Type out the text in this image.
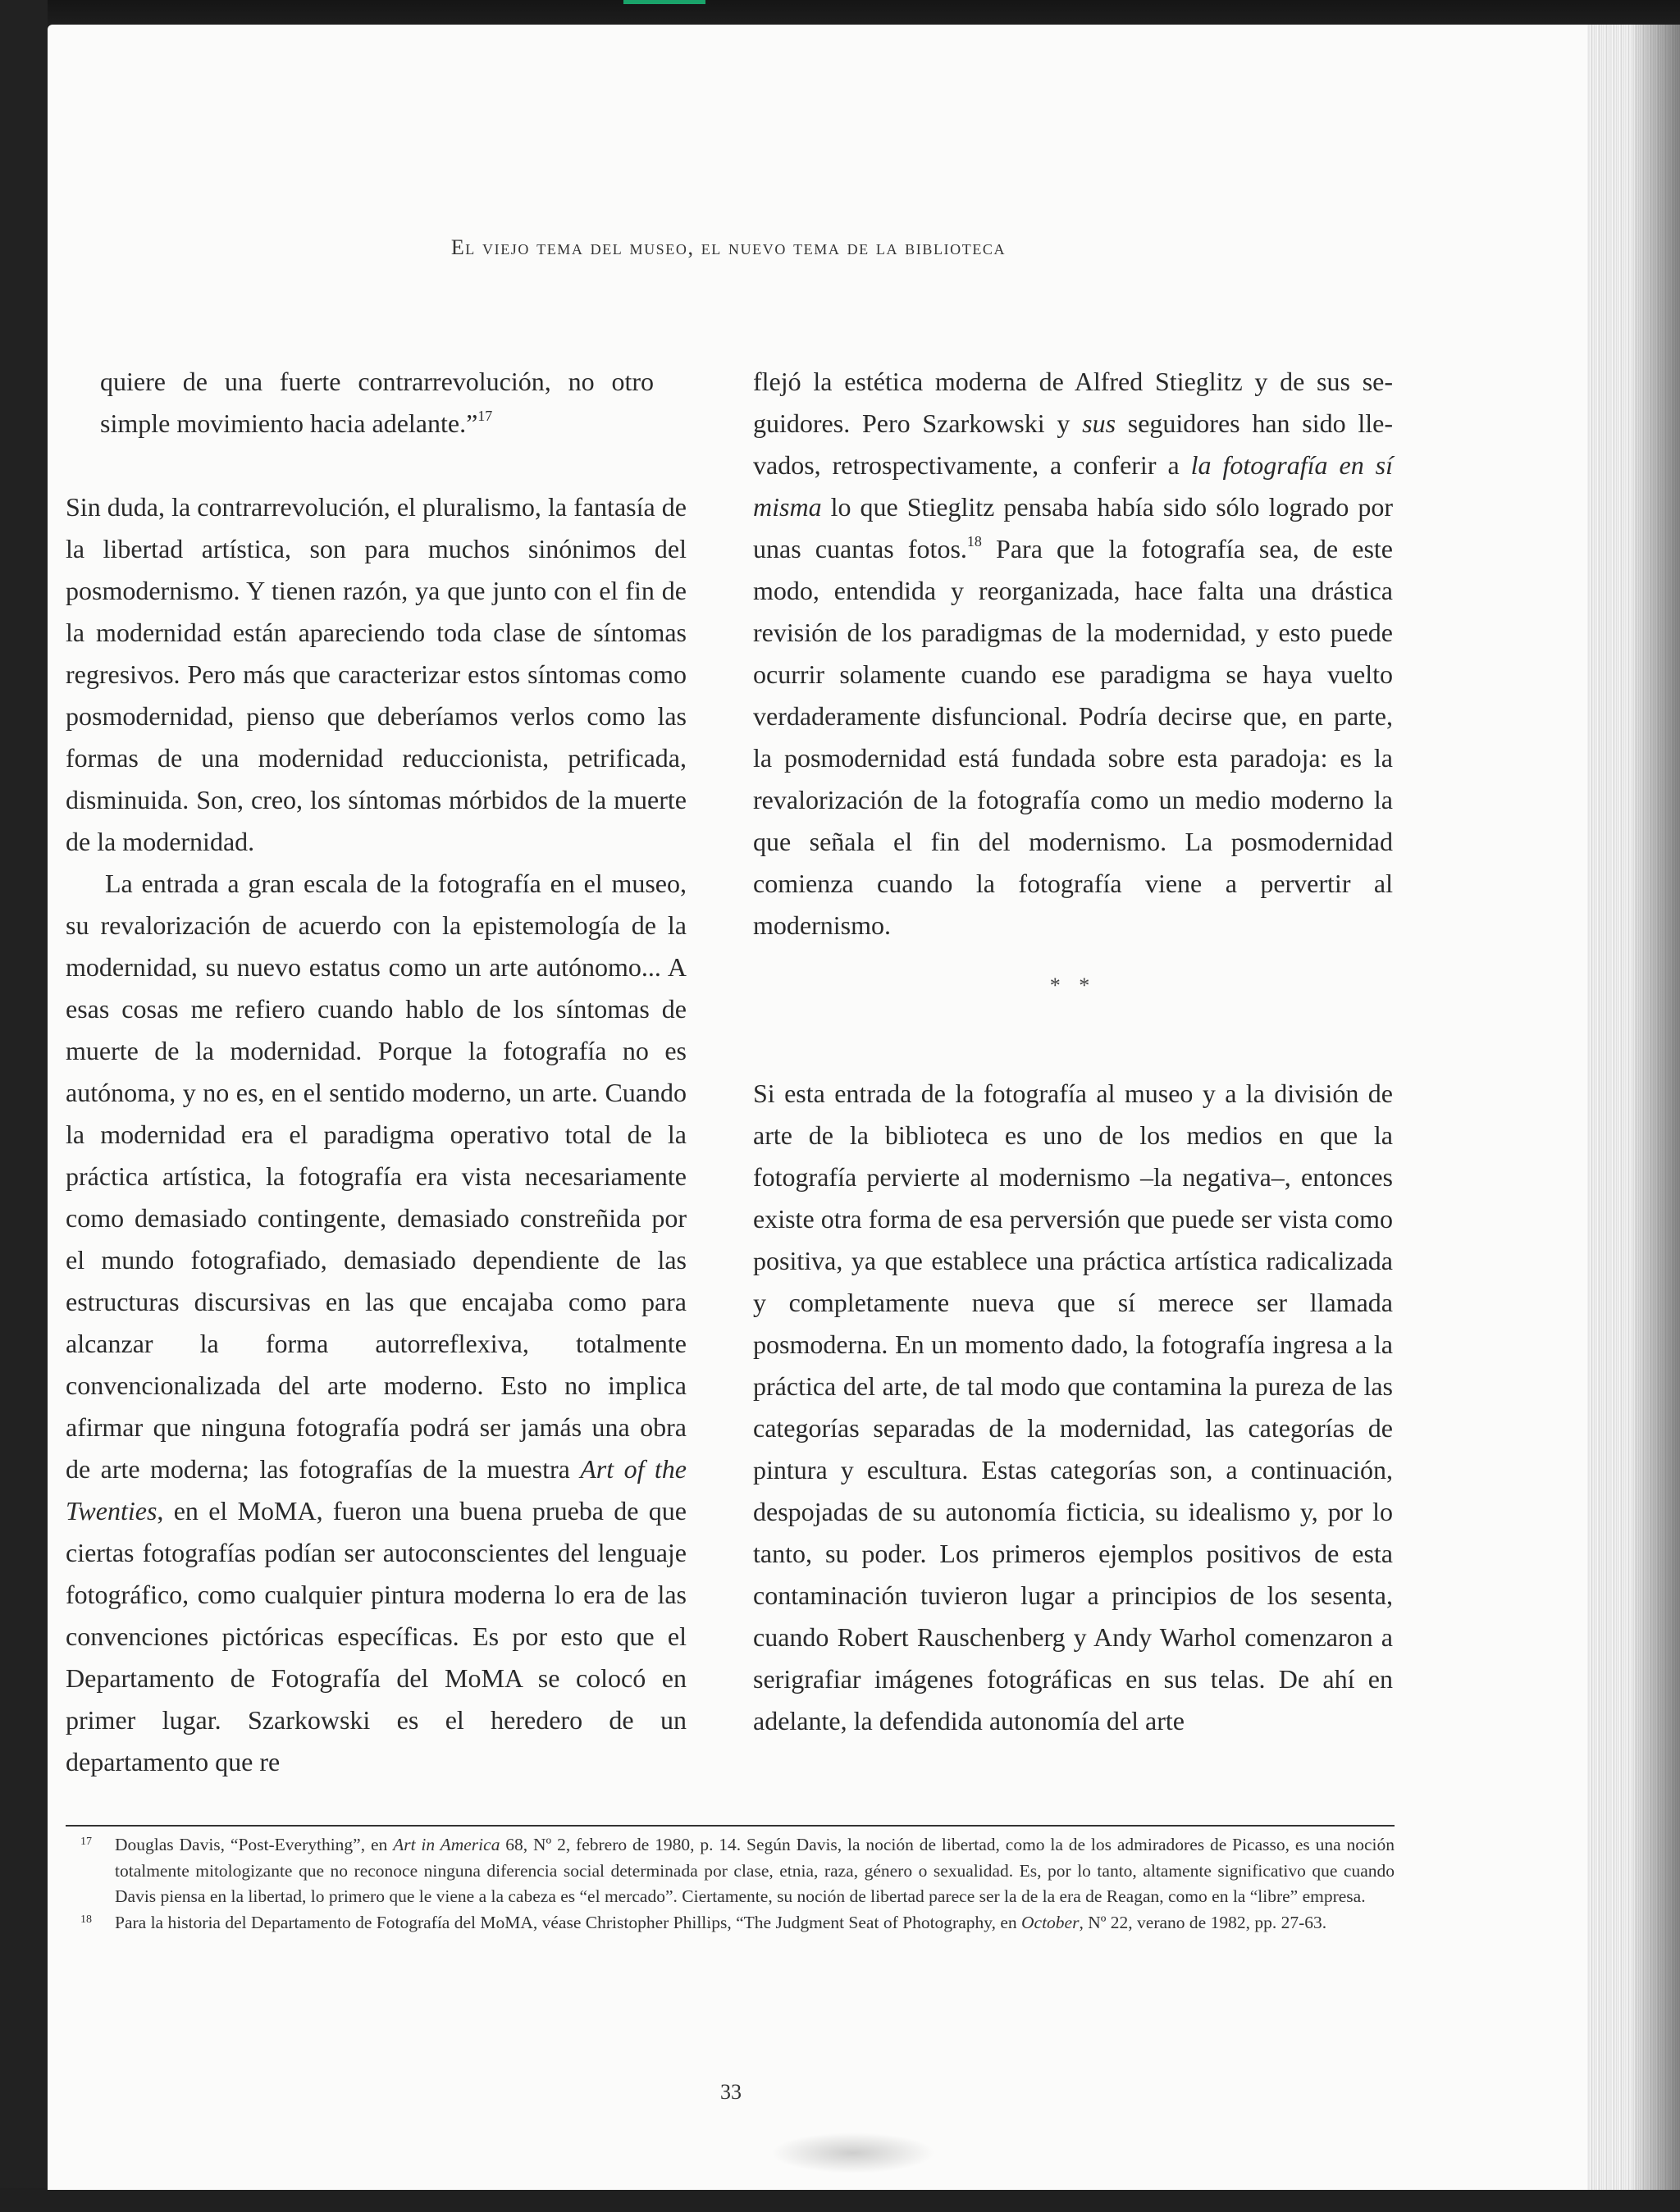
El viejo tema del museo, el nuevo tema de la biblioteca

quiere de una fuerte contrarrevolución, no otro simple movimiento hacia adelante.”$^{17}$

Sin duda, la contrarrevolución, el pluralismo, la fantasía de la libertad artística, son para muchos sinónimos del posmodernismo. Y tienen razón, ya que junto con el fin de la modernidad están apareciendo toda clase de síntomas regresivos. Pero más que caracterizar estos síntomas como posmodernidad, pienso que deberíamos verlos como las formas de una modernidad reduccionista, petrificada, disminuida. Son, creo, los síntomas mórbidos de la muerte de la modernidad.

La entrada a gran escala de la fotografía en el museo, su revalorización de acuerdo con la epistemología de la modernidad, su nuevo estatus como un arte autónomo... A esas cosas me refiero cuando hablo de los síntomas de muerte de la modernidad. Porque la fotografía no es autónoma, y no es, en el sentido moderno, un arte. Cuando la modernidad era el paradigma operativo total de la práctica artística, la fotografía era vista necesariamente como demasiado contingente, demasiado constreñida por el mundo fotografiado, demasiado dependiente de las estructuras discursivas en las que encajaba como para alcanzar la forma autorreflexiva, totalmente convencionalizada del arte moderno. Esto no implica afirmar que ninguna fotografía podrá ser jamás una obra de arte moderna; las fotografías de la muestra Art of the Twenties, en el MoMA, fueron una buena prueba de que ciertas fotografías podían ser autoconscientes del lenguaje fotográfico, como cualquier pintura moderna lo era de las convenciones pictóricas específicas. Es por esto que el Departamento de Fotografía del MoMA se colocó en primer lugar. Szarkowski es el heredero de un departamento que re

flejó la estética moderna de Alfred Stieglitz y de sus seguidores. Pero Szarkowski y sus seguidores han sido llevados, retrospectivamente, a conferir a la fotografía en sí misma lo que Stieglitz pensaba había sido sólo logrado por unas cuantas fotos.$^{18}$ Para que la fotografía sea, de este modo, entendida y reorganizada, hace falta una drástica revisión de los paradigmas de la modernidad, y esto puede ocurrir solamente cuando ese paradigma se haya vuelto verdaderamente disfuncional. Podría decirse que, en parte, la posmodernidad está fundada sobre esta paradoja: es la revalorización de la fotografía como un medio moderno la que señala el fin del modernismo. La posmodernidad comienza cuando la fotografía viene a pervertir al modernismo.

* *

Si esta entrada de la fotografía al museo y a la división de arte de la biblioteca es uno de los medios en que la fotografía pervierte al modernismo –la negativa–, entonces existe otra forma de esa perversión que puede ser vista como positiva, ya que establece una práctica artística radicalizada y completamente nueva que sí merece ser llamada posmoderna. En un momento dado, la fotografía ingresa a la práctica del arte, de tal modo que contamina la pureza de las categorías separadas de la modernidad, las categorías de pintura y escultura. Estas categorías son, a continuación, despojadas de su autonomía ficticia, su idealismo y, por lo tanto, su poder. Los primeros ejemplos positivos de esta contaminación tuvieron lugar a principios de los sesenta, cuando Robert Rauschenberg y Andy Warhol comenzaron a serigrafiar imágenes fotográficas en sus telas. De ahí en adelante, la defendida autonomía del arte

17 Douglas Davis, “Post-Everything”, en Art in America 68, Nº 2, febrero de 1980, p. 14. Según Davis, la noción de libertad, como la de los admiradores de Picasso, es una noción totalmente mitologizante que no reconoce ninguna diferencia social determinada por clase, etnia, raza, género o sexualidad. Es, por lo tanto, altamente significativo que cuando Davis piensa en la libertad, lo primero que le viene a la cabeza es “el mercado”. Ciertamente, su noción de libertad parece ser la de la era de Reagan, como en la “libre” empresa.

18 Para la historia del Departamento de Fotografía del MoMA, véase Christopher Phillips, “The Judgment Seat of Photography, en October, Nº 22, verano de 1982, pp. 27-63.

33
